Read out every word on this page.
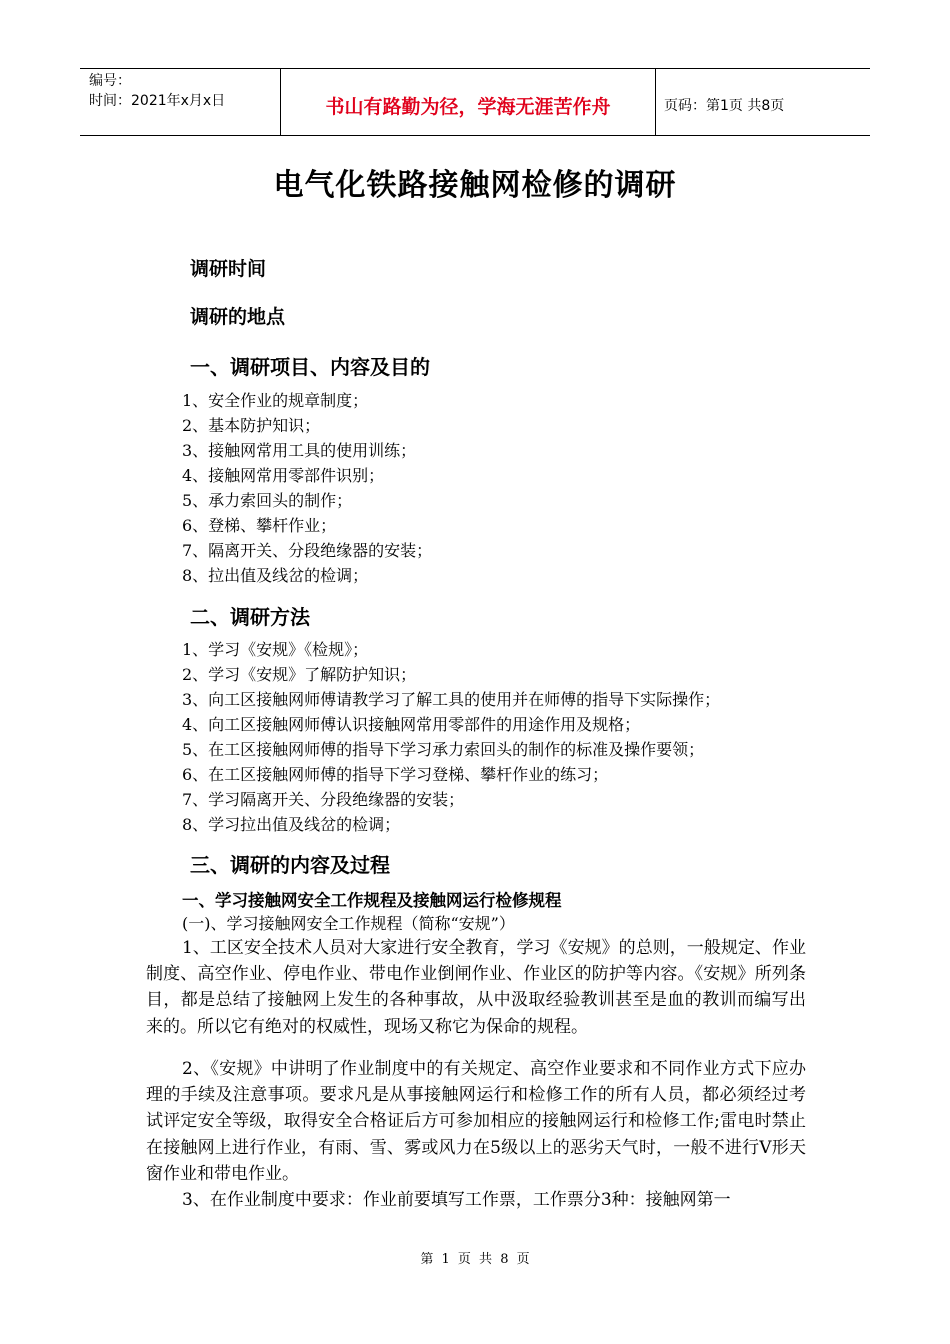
编号：
时间：2021年x月x日	书山有路勤为径，学海无涯苦作舟	页码：第1页 共8页
电气化铁路接触网检修的调研
调研时间
调研的地点
一、调研项目、内容及目的
1、安全作业的规章制度；
2、基本防护知识；
3、接触网常用工具的使用训练；
4、接触网常用零部件识别；
5、承力索回头的制作；
6、登梯、攀杆作业；
7、隔离开关、分段绝缘器的安装；
8、拉出值及线岔的检调；
二、调研方法
1、学习《安规》《检规》；
2、学习《安规》了解防护知识；
3、向工区接触网师傅请教学习了解工具的使用并在师傅的指导下实际操作；
4、向工区接触网师傅认识接触网常用零部件的用途作用及规格；
5、在工区接触网师傅的指导下学习承力索回头的制作的标准及操作要领；
6、在工区接触网师傅的指导下学习登梯、攀杆作业的练习；
7、学习隔离开关、分段绝缘器的安装；
8、学习拉出值及线岔的检调；
三、调研的内容及过程
一、学习接触网安全工作规程及接触网运行检修规程
(一)、学习接触网安全工作规程（简称“安规”）

1、工区安全技术人员对大家进行安全教育，学习《安规》的总则，一般规定、作业制度、高空作业、停电作业、带电作业倒闸作业、作业区的防护等内容。《安规》所列条目，都是总结了接触网上发生的各种事故，从中汲取经验教训甚至是血的教训而编写出来的。所以它有绝对的权威性，现场又称它为保命的规程。

2、《安规》中讲明了作业制度中的有关规定、高空作业要求和不同作业方式下应办理的手续及注意事项。要求凡是从事接触网运行和检修工作的所有人员，都必须经过考试评定安全等级，取得安全合格证后方可参加相应的接触网运行和检修工作;雷电时禁止在接触网上进行作业，有雨、雪、雾或风力在5级以上的恶劣天气时，一般不进行V形天窗作业和带电作业。

3、在作业制度中要求：作业前要填写工作票，工作票分3种：接触网第一

第 1 页 共 8 页
